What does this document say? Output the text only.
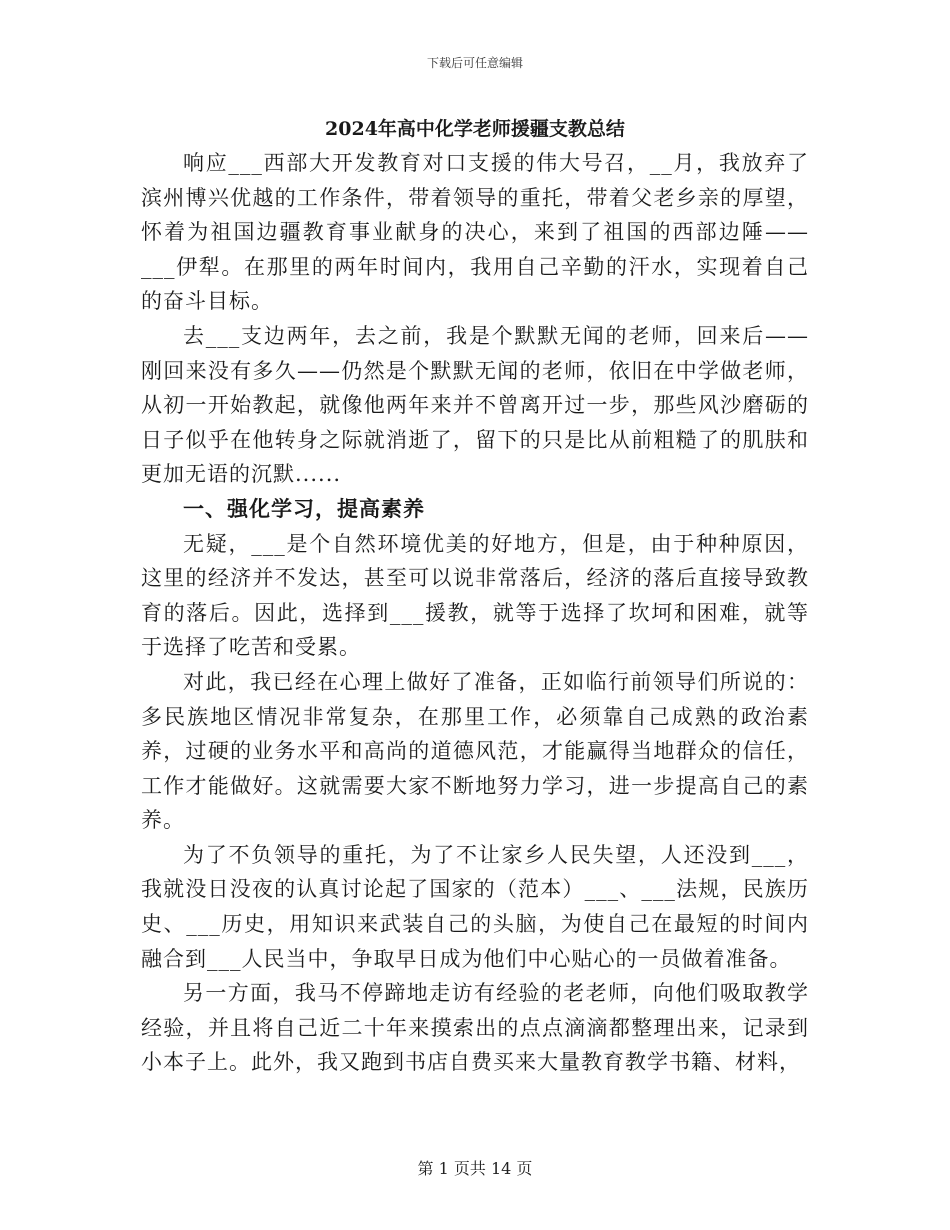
下载后可任意编辑
2024年高中化学老师援疆支教总结

响应___西部大开发教育对口支援的伟大号召，__月，我放弃了滨州博兴优越的工作条件，带着领导的重托，带着父老乡亲的厚望，怀着为祖国边疆教育事业献身的决心，来到了祖国的西部边陲——___伊犁。在那里的两年时间内，我用自己辛勤的汗水，实现着自己的奋斗目标。

去___支边两年，去之前，我是个默默无闻的老师，回来后——刚回来没有多久——仍然是个默默无闻的老师，依旧在中学做老师，从初一开始教起，就像他两年来并不曾离开过一步，那些风沙磨砺的日子似乎在他转身之际就消逝了，留下的只是比从前粗糙了的肌肤和更加无语的沉默......

一、强化学习，提高素养

无疑，___是个自然环境优美的好地方，但是，由于种种原因，这里的经济并不发达，甚至可以说非常落后，经济的落后直接导致教育的落后。因此，选择到___援教，就等于选择了坎坷和困难，就等于选择了吃苦和受累。

对此，我已经在心理上做好了准备，正如临行前领导们所说的：多民族地区情况非常复杂，在那里工作，必须靠自己成熟的政治素养，过硬的业务水平和高尚的道德风范，才能赢得当地群众的信任，工作才能做好。这就需要大家不断地努力学习，进一步提高自己的素养。

为了不负领导的重托，为了不让家乡人民失望，人还没到___，我就没日没夜的认真讨论起了国家的（范本）___、___法规，民族历史、___历史，用知识来武装自己的头脑，为使自己在最短的时间内融合到___人民当中，争取早日成为他们中心贴心的一员做着准备。

另一方面，我马不停蹄地走访有经验的老老师，向他们吸取教学经验，并且将自己近二十年来摸索出的点点滴滴都整理出来，记录到小本子上。此外，我又跑到书店自费买来大量教育教学书籍、材料，

第 1 页共 14 页
